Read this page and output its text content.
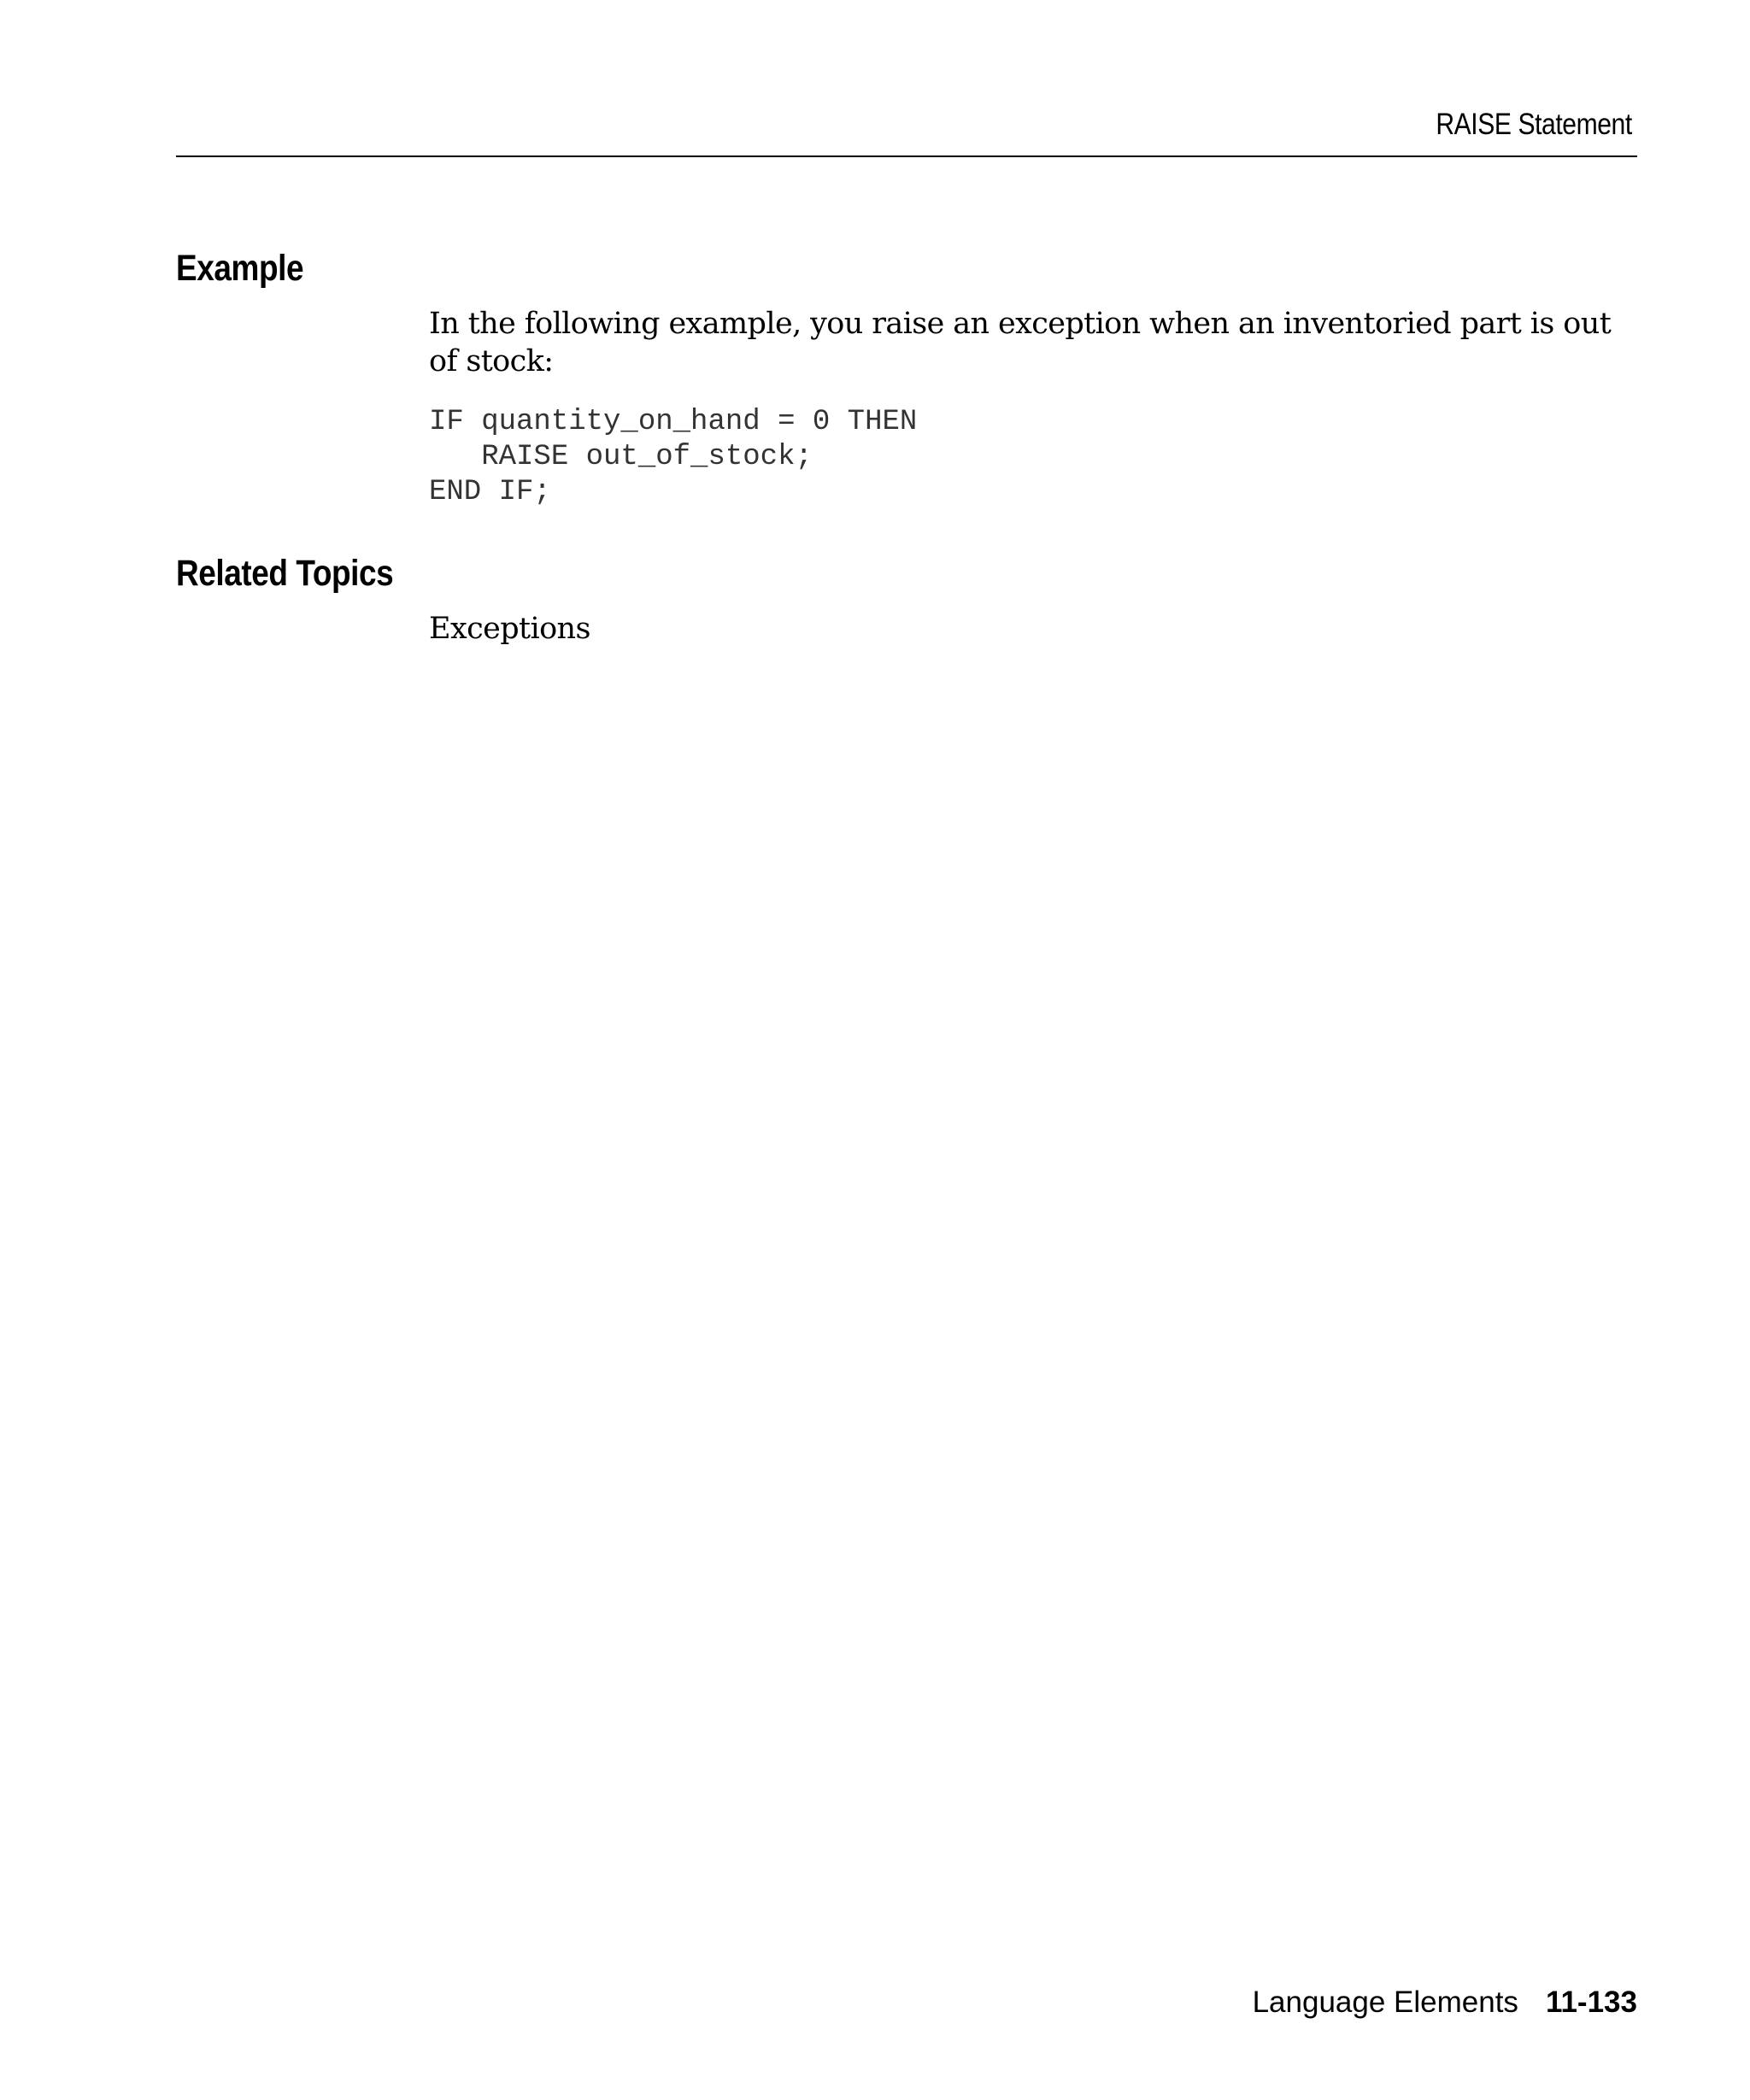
RAISE Statement
Example
In the following example, you raise an exception when an inventoried part is out of stock:
IF quantity_on_hand = 0 THEN
RAISE out_of_stock;
END IF;
Related Topics
Exceptions
Language Elements 11-133
